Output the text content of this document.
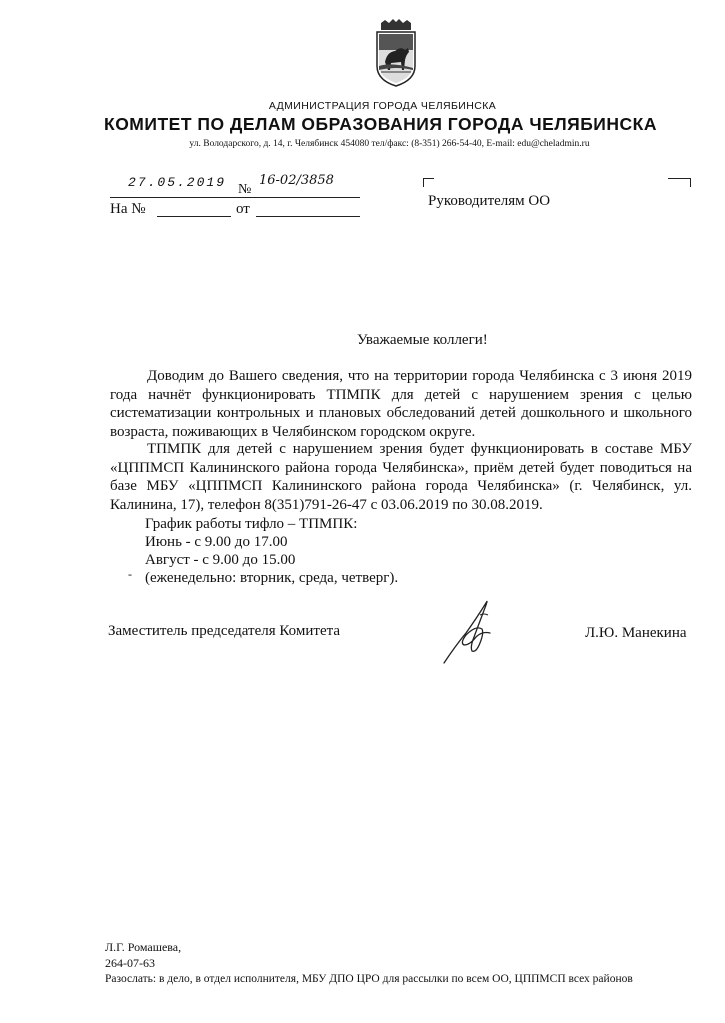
АДМИНИСТРАЦИЯ ГОРОДА ЧЕЛЯБИНСКА
КОМИТЕТ ПО ДЕЛАМ ОБРАЗОВАНИЯ ГОРОДА ЧЕЛЯБИНСКА
ул. Володарского, д. 14, г. Челябинск 454080 тел/факс: (8-351) 266-54-40, E-mail: edu@cheladmin.ru
27.05.2019 №
16-02/3858
На №	от	Руководителям ОО
Уважаемые коллеги!
Доводим до Вашего сведения, что на территории города Челябинска с 3 июня 2019 года начнёт функционировать ТПМПК для детей с нарушением зрения с целью систематизации контрольных и плановых обследований детей дошкольного и школьного возраста, поживающих в Челябинском городском округе.
ТПМПК для детей с нарушением зрения будет функционировать в составе МБУ «ЦППМСП Калининского района города Челябинска», приём детей будет поводиться на базе МБУ «ЦППМСП Калининского района города Челябинска» (г. Челябинск, ул. Калинина, 17), телефон 8(351)791-26-47 с 03.06.2019 по 30.08.2019.
График работы тифло – ТПМПК:
Июнь - с 9.00 до 17.00
Август - с 9.00 до 15.00
- (еженедельно: вторник, среда, четверг).
Заместитель председателя Комитета	Л.Ю. Манекина
Л.Г. Ромашева,
264-07-63
Разослать: в дело, в отдел исполнителя, МБУ ДПО ЦРО для рассылки по всем ОО, ЦППМСП всех районов
